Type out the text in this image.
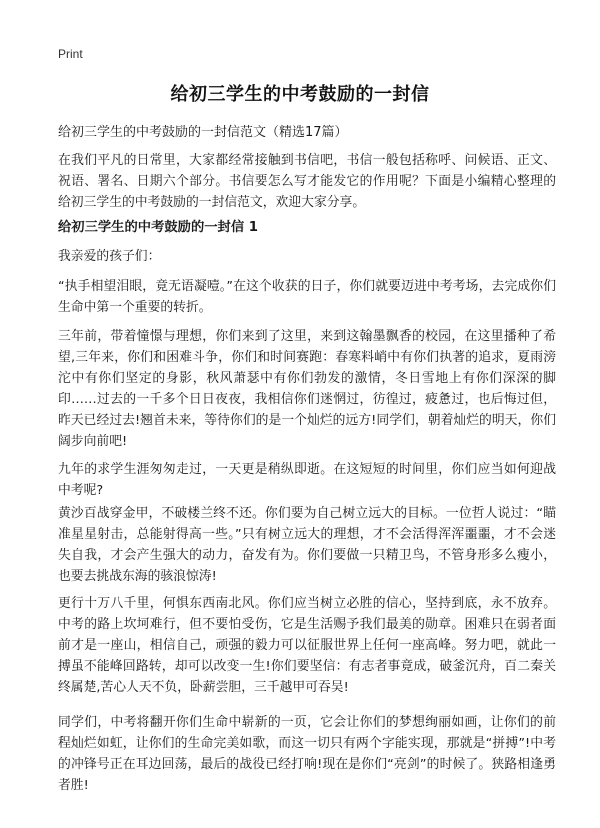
Print
给初三学生的中考鼓励的一封信
给初三学生的中考鼓励的一封信范文（精选17篇）

在我们平凡的日常里，大家都经常接触到书信吧，书信一般包括称呼、问候语、正文、祝语、署名、日期六个部分。书信要怎么写才能发它的作用呢？下面是小编精心整理的给初三学生的中考鼓励的一封信范文，欢迎大家分享。

给初三学生的中考鼓励的一封信 1

我亲爱的孩子们：

“执手相望泪眼，竟无语凝噎。”在这个收获的日子，你们就要迈进中考考场，去完成你们生命中第一个重要的转折。

三年前，带着憧憬与理想，你们来到了这里，来到这翰墨飘香的校园，在这里播种了希望,三年来，你们和困难斗争，你们和时间赛跑：春寒料峭中有你们执著的追求，夏雨滂沱中有你们坚定的身影，秋风萧瑟中有你们勃发的激情，冬日雪地上有你们深深的脚印……过去的一千多个日日夜夜，我相信你们迷惘过，彷徨过，疲惫过，也后悔过但，昨天已经过去!翘首未来，等待你们的是一个灿烂的远方!同学们，朝着灿烂的明天，你们阔步向前吧!

九年的求学生涯匆匆走过，一天更是稍纵即逝。在这短短的时间里，你们应当如何迎战中考呢?

黄沙百战穿金甲，不破楼兰终不还。你们要为自己树立远大的目标。一位哲人说过：“瞄准星星射击，总能射得高一些。”只有树立远大的理想，才不会活得浑浑噩噩，才不会迷失自我，才会产生强大的动力，奋发有为。你们要做一只精卫鸟，不管身形多么瘦小，也要去挑战东海的骇浪惊涛!

更行十万八千里，何惧东西南北风。你们应当树立必胜的信心，坚持到底，永不放弃。中考的路上坎坷难行，但不要怕受伤，它是生活赐予我们最美的勋章。困难只在弱者面前才是一座山，相信自己，顽强的毅力可以征服世界上任何一座高峰。努力吧，就此一搏虽不能峰回路转，却可以改变一生!你们要坚信：有志者事竟成，破釜沉舟，百二秦关终属楚,苦心人天不负，卧薪尝胆，三千越甲可吞吴!

同学们，中考将翻开你们生命中崭新的一页，它会让你们的梦想绚丽如画，让你们的前程灿烂如虹，让你们的生命完美如歌，而这一切只有两个字能实现，那就是“拼搏”!中考的冲锋号正在耳边回荡，最后的战役已经打响!现在是你们“亮剑”的时候了。狭路相逢勇者胜!
